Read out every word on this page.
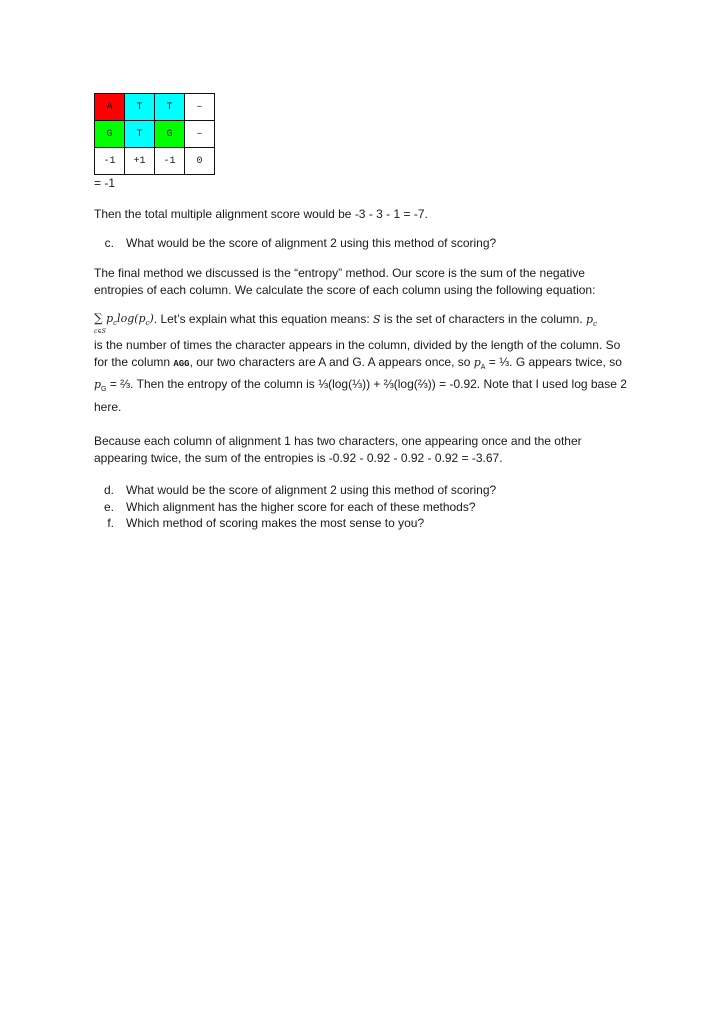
A	T	T	–
G	T	G	–
-1	+1	-1	0
= -1

Then the total multiple alignment score would be -3 - 3 - 1 = -7.

c. What would be the score of alignment 2 using this method of scoring?

The final method we discussed is the “entropy” method. Our score is the sum of the negative entropies of each column. We calculate the score of each column using the following equation:

∑ $p_c\log(p_c)$
c∈S
. Let’s explain what this equation means: S is the set of characters in the column. $p_c$

is the number of times the character appears in the column, divided by the length of the column. So for the column AGG, our two characters are A and G. A appears once, so $p_A$ = ⅓. G appears twice, so $p_G$ = ⅔. Then the entropy of the column is ⅓(log(⅓)) + ⅔(log(⅔)) = -0.92. Note that I used log base 2 here.

Because each column of alignment 1 has two characters, one appearing once and the other appearing twice, the sum of the entropies is -0.92 - 0.92 - 0.92 - 0.92 = -3.67.

d. What would be the score of alignment 2 using this method of scoring?
e. Which alignment has the higher score for each of these methods?
f. Which method of scoring makes the most sense to you?
